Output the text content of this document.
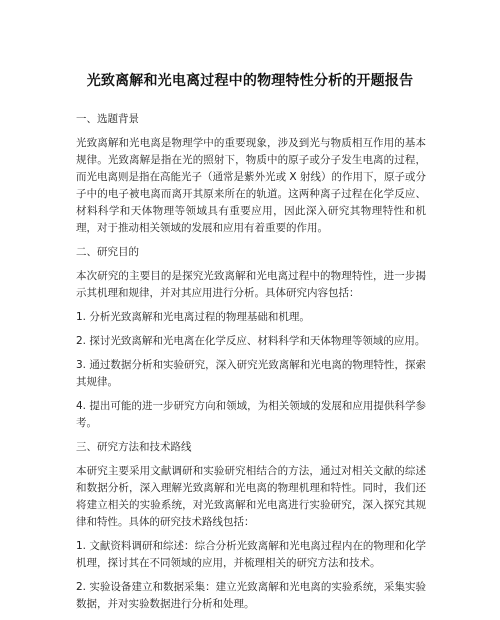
光致离解和光电离过程中的物理特性分析的开题报告
一、选题背景
光致离解和光电离是物理学中的重要现象，涉及到光与物质相互作用的基本规律。光致离解是指在光的照射下，物质中的原子或分子发生电离的过程，而光电离则是指在高能光子（通常是紫外光或 X 射线）的作用下，原子或分子中的电子被电离而离开其原来所在的轨道。这两种离子过程在化学反应、材料科学和天体物理等领域具有重要应用，因此深入研究其物理特性和机理，对于推动相关领域的发展和应用有着重要的作用。
二、研究目的
本次研究的主要目的是探究光致离解和光电离过程中的物理特性，进一步揭示其机理和规律，并对其应用进行分析。具体研究内容包括：
1. 分析光致离解和光电离过程的物理基础和机理。
2. 探讨光致离解和光电离在化学反应、材料科学和天体物理等领域的应用。
3. 通过数据分析和实验研究，深入研究光致离解和光电离的物理特性，探索其规律。
4. 提出可能的进一步研究方向和领域，为相关领域的发展和应用提供科学参考。
三、研究方法和技术路线
本研究主要采用文献调研和实验研究相结合的方法，通过对相关文献的综述和数据分析，深入理解光致离解和光电离的物理机理和特性。同时，我们还将建立相关的实验系统，对光致离解和光电离进行实验研究，深入探究其规律和特性。具体的研究技术路线包括：
1. 文献资料调研和综述：综合分析光致离解和光电离过程内在的物理和化学机理，探讨其在不同领域的应用，并梳理相关的研究方法和技术。
2. 实验设备建立和数据采集：建立光致离解和光电离的实验系统，采集实验数据，并对实验数据进行分析和处理。
